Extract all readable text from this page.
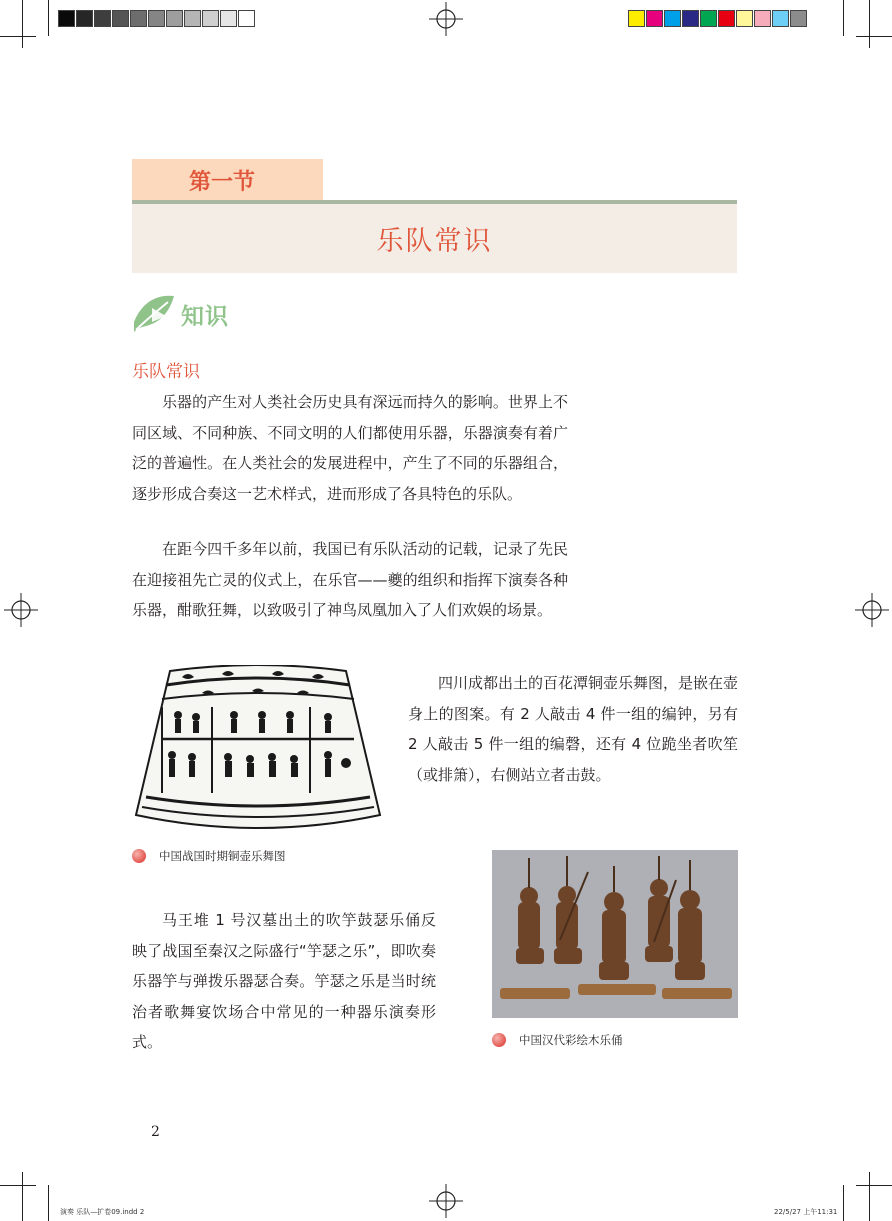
第一节
乐队常识
知识
乐队常识

乐器的产生对人类社会历史具有深远而持久的影响。世界上不同区域、不同种族、不同文明的人们都使用乐器，乐器演奏有着广泛的普遍性。在人类社会的发展进程中，产生了不同的乐器组合，逐步形成合奏这一艺术样式，进而形成了各具特色的乐队。

在距今四千多年以前，我国已有乐队活动的记载，记录了先民在迎接祖先亡灵的仪式上，在乐官——夔的组织和指挥下演奏各种乐器，酣歌狂舞，以致吸引了神鸟凤凰加入了人们欢娱的场景。

中国战国时期铜壶乐舞图

四川成都出土的百花潭铜壶乐舞图，是嵌在壶身上的图案。有 2 人敲击 4 件一组的编钟，另有 2 人敲击 5 件一组的编磬，还有 4 位跪坐者吹笙（或排箫），右侧站立者击鼓。

中国汉代彩绘木乐俑

马王堆 1 号汉墓出土的吹竽鼓瑟乐俑反映了战国至秦汉之际盛行“竽瑟之乐”，即吹奏乐器竽与弹拨乐器瑟合奏。竽瑟之乐是当时统治者歌舞宴饮场合中常见的一种器乐演奏形式。

2
演奏 乐队—扩卷09.indd 2	22/5/27 上午11:31
